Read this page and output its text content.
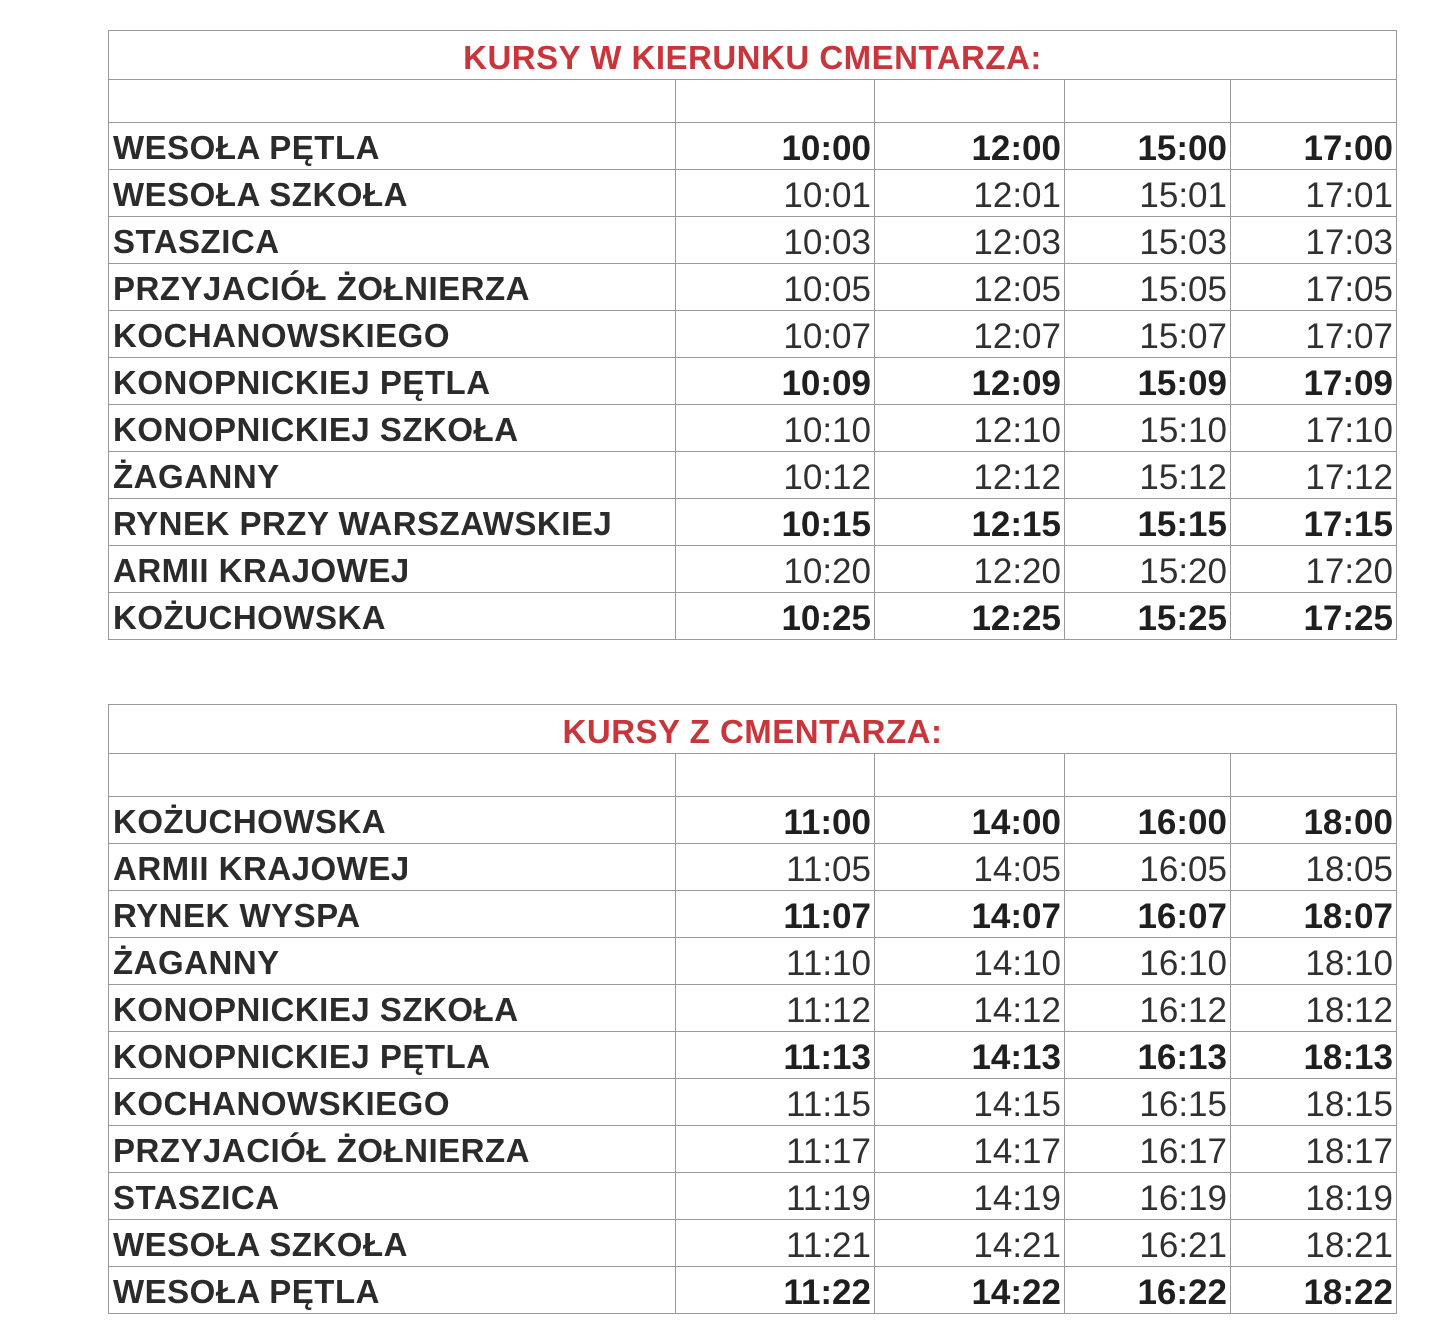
KURSY W KIERUNKU CMENTARZA:				

WESOŁA PĘTLA	10:00	12:00	15:00	17:00
WESOŁA SZKOŁA	10:01	12:01	15:01	17:01
STASZICA	10:03	12:03	15:03	17:03
PRZYJACIÓŁ ŻOŁNIERZA	10:05	12:05	15:05	17:05
KOCHANOWSKIEGO	10:07	12:07	15:07	17:07
KONOPNICKIEJ PĘTLA	10:09	12:09	15:09	17:09
KONOPNICKIEJ SZKOŁA	10:10	12:10	15:10	17:10
ŻAGANNY	10:12	12:12	15:12	17:12
RYNEK PRZY WARSZAWSKIEJ	10:15	12:15	15:15	17:15
ARMII KRAJOWEJ	10:20	12:20	15:20	17:20
KOŻUCHOWSKA	10:25	12:25	15:25	17:25
KURSY Z CMENTARZA:				

KOŻUCHOWSKA	11:00	14:00	16:00	18:00
ARMII KRAJOWEJ	11:05	14:05	16:05	18:05
RYNEK WYSPA	11:07	14:07	16:07	18:07
ŻAGANNY	11:10	14:10	16:10	18:10
KONOPNICKIEJ SZKOŁA	11:12	14:12	16:12	18:12
KONOPNICKIEJ PĘTLA	11:13	14:13	16:13	18:13
KOCHANOWSKIEGO	11:15	14:15	16:15	18:15
PRZYJACIÓŁ ŻOŁNIERZA	11:17	14:17	16:17	18:17
STASZICA	11:19	14:19	16:19	18:19
WESOŁA SZKOŁA	11:21	14:21	16:21	18:21
WESOŁA PĘTLA	11:22	14:22	16:22	18:22
